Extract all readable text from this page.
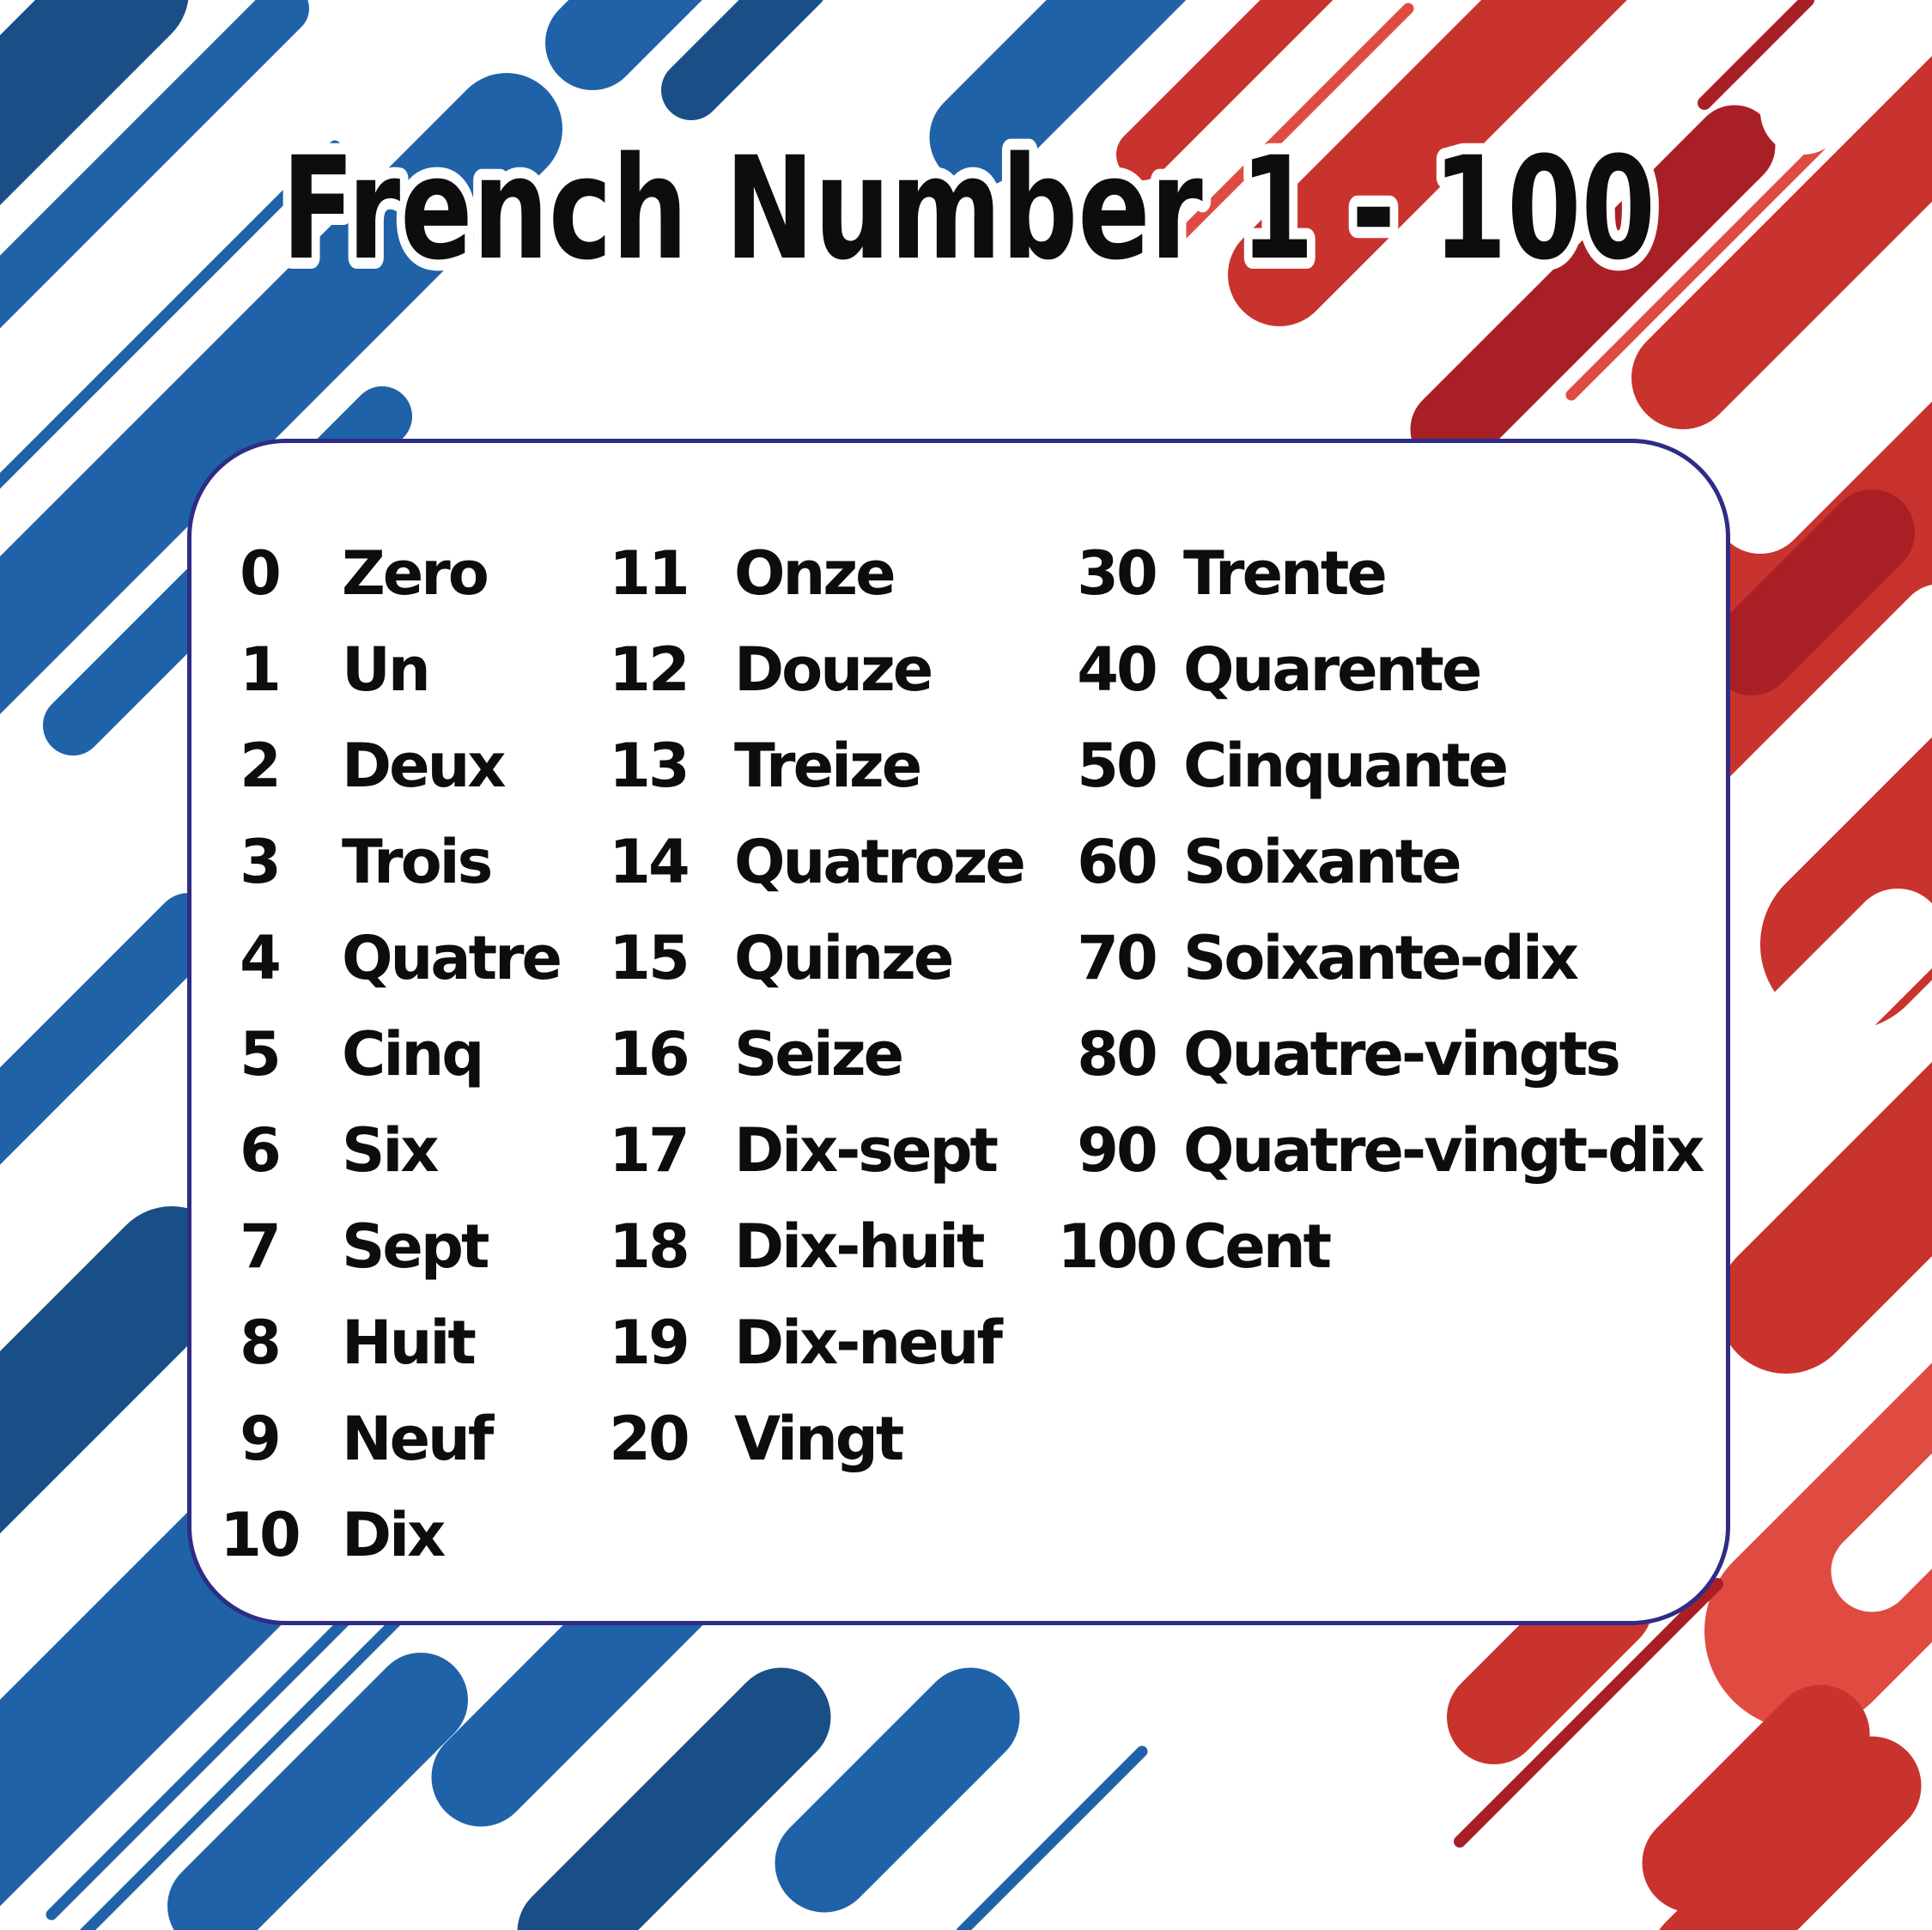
0	Zero
1	Un
2	Deux
3	Trois
4	Quatre
5	Cinq
6	Six
7	Sept
8	Huit
9	Neuf
10 Dix
11 Onze
12 Douze
13 Treize
14 Quatroze
15 Quinze
16 Seize
17 Dix-sept
18 Dix-huit
19 Dix-neuf
20 Vingt
30 Trente
40 Quarente
50 Cinquante
60 Soixante
70 Soixante-dix
80 Quatre-vingts
90 Quatre-vingt-dix
100 Cent
French Number 1 - 100
